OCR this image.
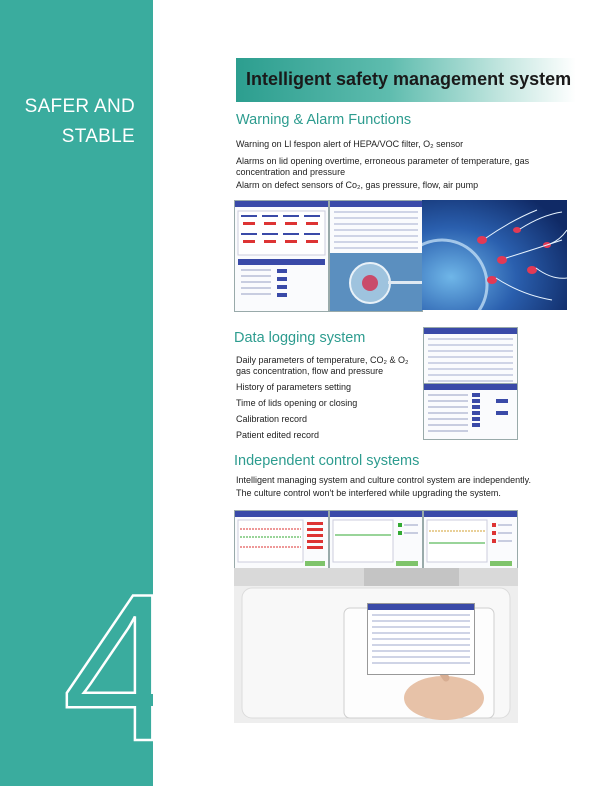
SAFER AND
STABLE
4
Intelligent safety management system
Warning & Alarm Functions
Warning on Ll fespon alert of HEPA/VOC filter, O₂ sensor
Alarms on lid opening overtime, erroneous parameter of temperature, gas concentration and pressure
Alarm on defect sensors of Co₂, gas pressure, flow, air pump
Data logging system
Daily parameters of temperature, CO₂ & O₂ gas concentration, flow and pressure
History of parameters setting
Time of lids opening or closing
Calibration record
Patient edited record
Independent control systems
Intelligent managing system and culture control system are independently.
The culture control won't be interfered while upgrading the system.
